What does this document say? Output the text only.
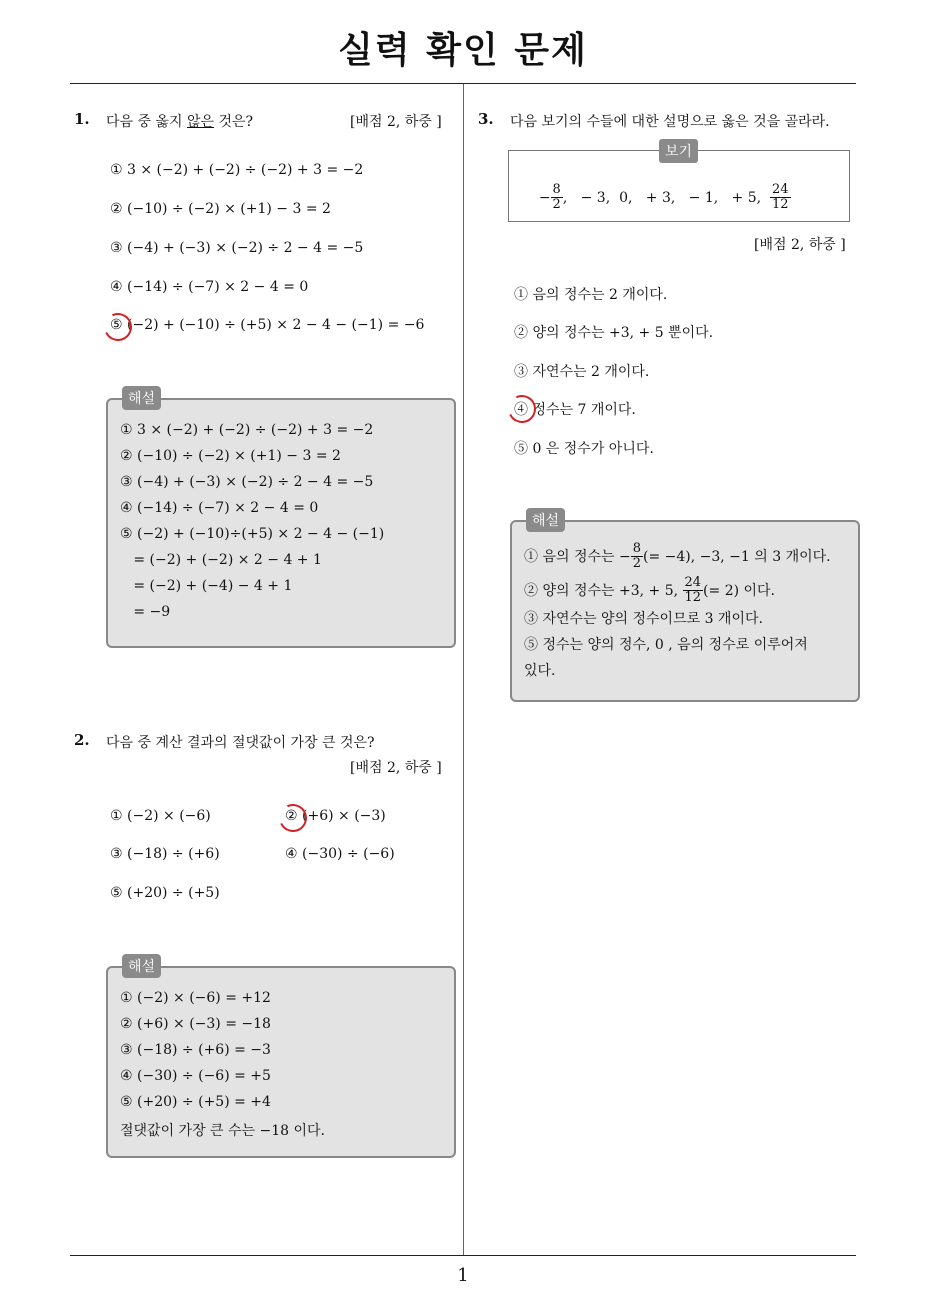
실력 확인 문제
1
1. 다음 중 옳지 않은 것은?	[배점 2, 하중 ]
① 3 × (−2) + (−2) ÷ (−2) + 3 = −2
② (−10) ÷ (−2) × (+1) − 3 = 2
③ (−4) + (−3) × (−2) ÷ 2 − 4 = −5
④ (−14) ÷ (−7) × 2 − 4 = 0
⑤ (−2) + (−10) ÷ (+5) × 2 − 4 − (−1) = −6
해설
① 3 × (−2) + (−2) ÷ (−2) + 3 = −2
② (−10) ÷ (−2) × (+1) − 3 = 2
③ (−4) + (−3) × (−2) ÷ 2 − 4 = −5
④ (−14) ÷ (−7) × 2 − 4 = 0
⑤ (−2) + (−10)÷(+5) × 2 − 4 − (−1)
= (−2) + (−2) × 2 − 4 + 1
= (−2) + (−4) − 4 + 1
= −9
2. 다음 중 계산 결과의 절댓값이 가장 큰 것은?
[배점 2, 하중 ]
① (−2) × (−6)	② (+6) × (−3)
③ (−18) ÷ (+6)	④ (−30) ÷ (−6)
⑤ (+20) ÷ (+5)
해설
① (−2) × (−6) = +12
② (+6) × (−3) = −18
③ (−18) ÷ (+6) = −3
④ (−30) ÷ (−6) = +5
⑤ (+20) ÷ (+5) = +4
절댓값이 가장 큰 수는 −18 이다.
3. 다음 보기의 수들에 대한 설명으로 옳은 것을 골라라.
보기

− $\frac{8}{2}$ ,   − 3,  0,   + 3,   − 1,   + 5, $\frac{24}{12}$

[배점 2, 하중 ]
① 음의 정수는 2 개이다.
② 양의 정수는 +3, + 5 뿐이다.
③ 자연수는 2 개이다.
④ 정수는 7 개이다.
⑤ 0 은 정수가 아니다.
해설
① 음의 정수는 − $\frac{8}{2}$ (= −4), −3, −1 의 3 개이다.
② 양의 정수는 +3, + 5, $\frac{24}{12}$ (= 2) 이다.
③ 자연수는 양의 정수이므로 3 개이다.
⑤ 정수는 양의 정수, 0 , 음의 정수로 이루어져
있다.
